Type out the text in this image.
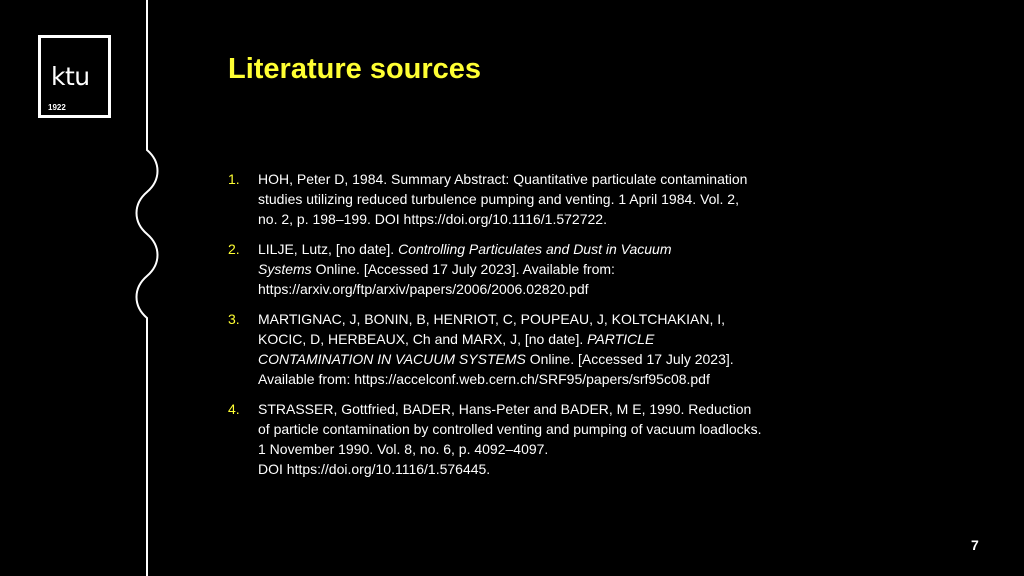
ktu
1922
Literature sources
1. HOH, Peter D, 1984. Summary Abstract: Quantitative particulate contamination
studies utilizing reduced turbulence pumping and venting. 1 April 1984. Vol. 2,
no. 2, p. 198–199. DOI https://doi.org/10.1116/1.572722.
2. LILJE, Lutz, [no date]. Controlling Particulates and Dust in Vacuum
Systems Online. [Accessed 17 July 2023]. Available from:
https://arxiv.org/ftp/arxiv/papers/2006/2006.02820.pdf
3. MARTIGNAC, J, BONIN, B, HENRIOT, C, POUPEAU, J, KOLTCHAKIAN, I,
KOCIC, D, HERBEAUX, Ch and MARX, J, [no date]. PARTICLE
CONTAMINATION IN VACUUM SYSTEMS Online. [Accessed 17 July 2023].
Available from: https://accelconf.web.cern.ch/SRF95/papers/srf95c08.pdf
4. STRASSER, Gottfried, BADER, Hans-Peter and BADER, M E, 1990. Reduction
of particle contamination by controlled venting and pumping of vacuum loadlocks.
1 November 1990. Vol. 8, no. 6, p. 4092–4097.
DOI https://doi.org/10.1116/1.576445.
7
